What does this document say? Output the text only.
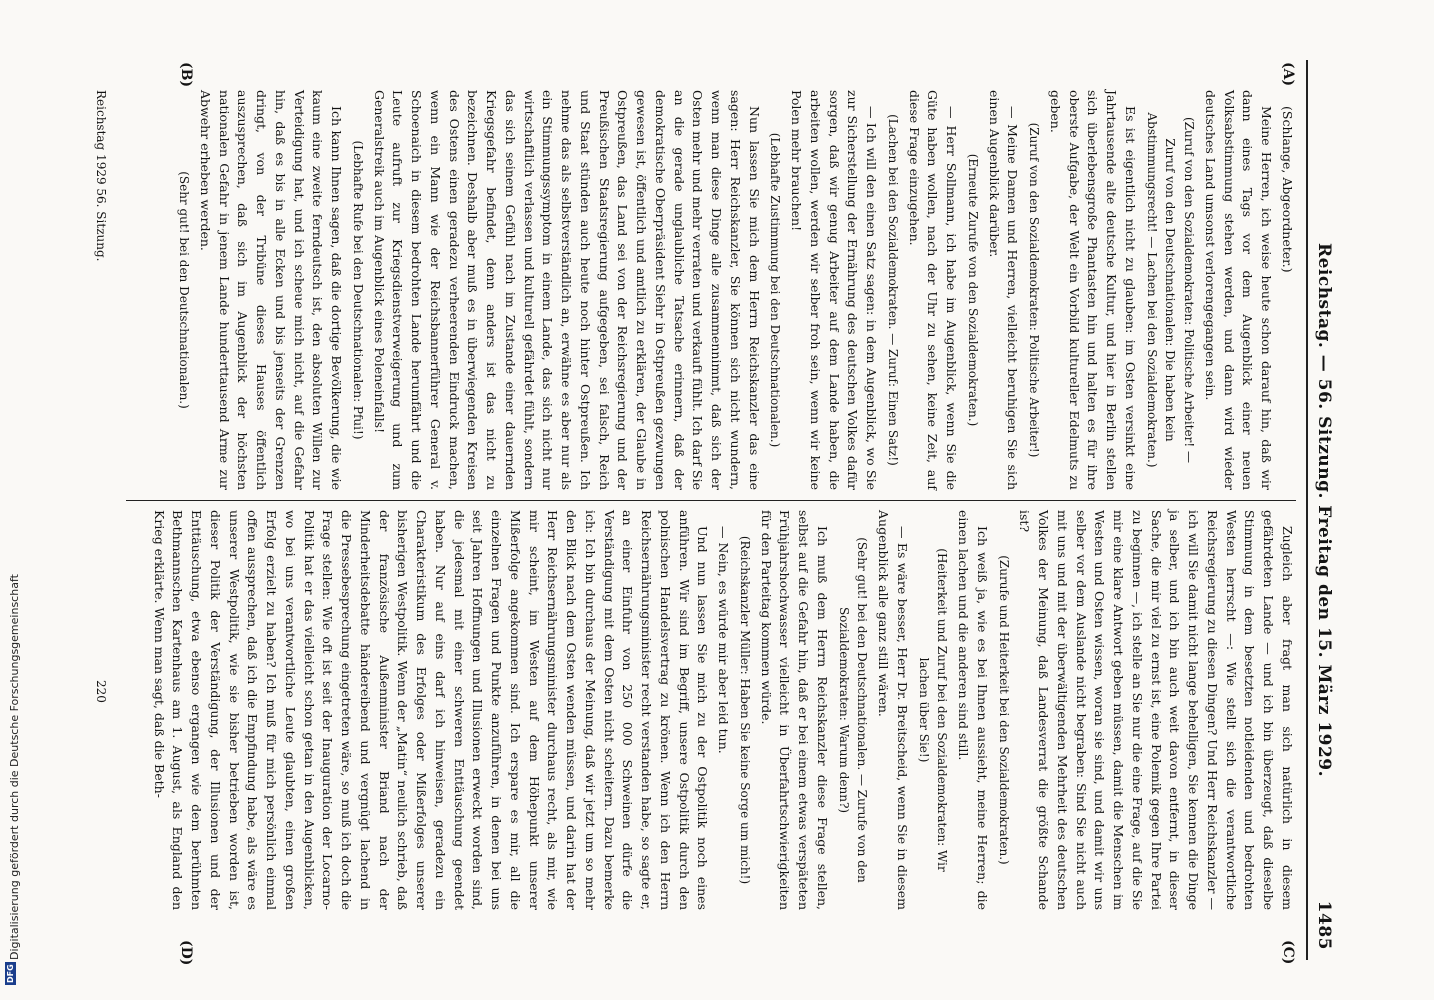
Reichstag. — 56. Sitzung. Freitag den 15. März 1929.
1485
(A)
(B)
(C)
(D)

(Schlange, Abgeordneter.)

Meine Herren, ich weise heute schon darauf hin, daß wir dann eines Tags vor dem Augenblick einer neuen Volksabstimmung stehen werden, und dann wird wieder deutsches Land umsonst verlorengegangen sein.

(Zuruf von den Sozialdemokraten: Politische Arbeiter! — Zuruf von den Deutschnationalen: Die haben kein Abstimmungsrecht! — Lachen bei den Sozialdemokraten.)

Es ist eigentlich nicht zu glauben: im Osten versinkt eine Jahrtausende alte deutsche Kultur, und hier in Berlin stellen sich überlebensgroße Phantasten hin und halten es für ihre oberste Aufgabe, der Welt ein Vorbild kultureller Edelmuts zu geben.

(Zuruf von den Sozialdemokraten: Politische Arbeiter!)

— Meine Damen und Herren, vielleicht beruhigen Sie sich einen Augenblick darüber.

(Erneute Zurufe von den Sozialdemokraten.)

— Herr Sollmann, ich habe im Augenblick, wenn Sie die Güte haben wollen, nach der Uhr zu sehen, keine Zeit, auf diese Frage einzugehen.

(Lachen bei den Sozialdemokraten. — Zuruf: Einen Satz!)

— Ich will den einen Satz sagen: in dem Augenblick, wo Sie zur Sicherstellung der Ernährung des deutschen Volkes dafür sorgen, daß wir genug Arbeiter auf dem Lande haben, die arbeiten wollen, werden wir selber froh sein, wenn wir keine Polen mehr brauchen!

(Lebhafte Zustimmung bei den Deutschnationalen.)

Nun lassen Sie mich dem Herrn Reichskanzler das eine sagen: Herr Reichskanzler, Sie können sich nicht wundern, wenn man diese Dinge alle zusammennimmt, daß sich der Osten mehr und mehr verraten und verkauft fühlt. Ich darf Sie an die gerade unglaubliche Tatsache erinnern, daß der demokratische Oberpräsident Siehr in Ostpreußen gezwungen gewesen ist, öffentlich und amtlich zu erklären, der Glaube in Ostpreußen, das Land sei von der Reichsregierung und der Preußischen Staatsregierung aufgegeben, sei falsch, Reich und Staat stünden auch heute noch hinter Ostpreußen. Ich nehme das als selbstverständlich an, erwähne es aber nur als ein Stimmungssymptom in einem Lande, das sich nicht nur wirtschaftlich verlassen und kulturell gefährdet fühlt, sondern das sich seinem Gefühl nach im Zustande einer dauernden Kriegsgefahr befindet, denn anders ist das nicht zu bezeichnen. Deshalb aber muß es in überwiegenden Kreisen des Ostens einen geradezu verheerenden Eindruck machen, wenn ein Mann wie der Reichsbannerführer General v. Schoenaich in diesem bedrohten Lande herumfährt und die Leute aufruft zur Kriegsdienstverweigerung und zum Generalstreik auch im Augenblick eines Poleneinfalls!

(Lebhafte Rufe bei den Deutschnationalen: Pfui!)

Ich kann Ihnen sagen, daß die dortige Bevölkerung, die wie kaum eine zweite ferndeutsch ist, den absoluten Willen zur Verteidigung hat, und ich scheue mich nicht, auf die Gefahr hin, daß es bis in alle Ecken und bis jenseits der Grenzen dringt, von der Tribüne dieses Hauses öffentlich auszusprechen, daß sich im Augenblick der höchsten nationalen Gefahr in jenem Lande hunderttausend Arme zur Abwehr erheben werden.

(Sehr gut! bei den Deutschnationalen.)

Zugleich aber fragt man sich natürlich in diesem gefährdeten Lande — und ich bin überzeugt, daß dieselbe Stimmung in dem besetzten notleidenden und bedrohten Westen herrscht —: Wie stellt sich die verantwortliche Reichsregierung zu diesen Dingen? Und Herr Reichskanzler — ich will Sie damit nicht lange behelligen, Sie kennen die Dinge ja selber, und ich bin auch weit davon entfernt, in dieser Sache, die mir viel zu ernst ist, eine Polemik gegen Ihre Partei zu beginnen —, ich stelle an Sie nur die eine Frage, auf die Sie mir eine klare Antwort geben müssen, damit die Menschen im Westen und Osten wissen, woran sie sind, und damit wir uns selber vor dem Auslande nicht begraben: Sind Sie nicht auch mit uns und mit der überwältigenden Mehrheit des deutschen Volkes der Meinung, daß Landesverrat die größte Schande ist?

(Zurufe und Heiterkeit bei den Sozialdemokraten.)

Ich weiß ja, wie es bei Ihnen aussieht, meine Herren; die einen lachen und die anderen sind still.

(Heiterkeit und Zuruf bei den Sozialdemokraten: Wir lachen über Sie!)

— Es wäre besser, Herr Dr. Breitscheid, wenn Sie in diesem Augenblick alle ganz still wären.

(Sehr gut! bei den Deutschnationalen. — Zurufe von den Sozialdemokraten: Warum denn?)

Ich muß dem Herrn Reichskanzler diese Frage stellen, selbst auf die Gefahr hin, daß er bei einem etwas verspäteten Frühjahrshochwasser vielleicht in Überfahrtschwierigkeiten für den Parteitag kommen würde.

(Reichskanzler Müller: Haben Sie keine Sorge um mich!)

— Nein, es würde mir aber leid tun.

Und nun lassen Sie mich zu der Ostpolitik noch eines anführen. Wir sind im Begriff, unsere Ostpolitik durch den polnischen Handelsvertrag zu krönen. Wenn ich den Herrn Reichsernährungsminister recht verstanden habe, so sagte er, an einer Einfuhr von 250 000 Schweinen dürfe die Verständigung mit dem Osten nicht scheitern. Dazu bemerke ich: Ich bin durchaus der Meinung, daß wir jetzt um so mehr den Blick nach dem Osten wenden müssen, und darin hat der Herr Reichsernährungsminister durchaus recht, als mir, wie mir scheint, im Westen auf dem Höhepunkt unserer Mißerfolge angekommen sind. Ich erspare es mir, all die einzelnen Fragen und Punkte anzuführen, in denen bei uns seit Jahren Hoffnungen und Illusionen erweckt worden sind, die jedesmal mit einer schweren Enttäuschung geendet haben. Nur auf eins darf ich hinweisen, geradezu ein Charakteristikum des Erfolges oder Mißerfolges unserer bisherigen Westpolitik. Wenn der „Matin“ neulich schrieb, daß der französische Außenminister Briand nach der Minderheitsdebatte händereibend und vergnügt lachend in die Pressebesprechung eingetreten wäre, so muß ich doch die Frage stellen: Wie oft ist seit der Inauguration der Locarno-Politik hat er das vielleicht schon getan in den Augenblicken, wo bei uns verantwortliche Leute glaubten, einen großen Erfolg erzielt zu haben? Ich muß für mich persönlich einmal offen aussprechen, daß ich die Empfindung habe, als wäre es unserer Westpolitik, wie sie bisher betrieben worden ist, dieser Politik der Verständigung, der Illusionen und der Enttäuschung, etwa ebenso ergangen wie dem berühmten Bethmannschen Kartenhaus am 1. August, als England den Krieg erklärte. Wenn man sagt, daß die Beth-

Reichstag 1929 56. Sitzung.
220
Digitalisierung gefördert durch die Deutsche Forschungsgemeinschaft
DFG
